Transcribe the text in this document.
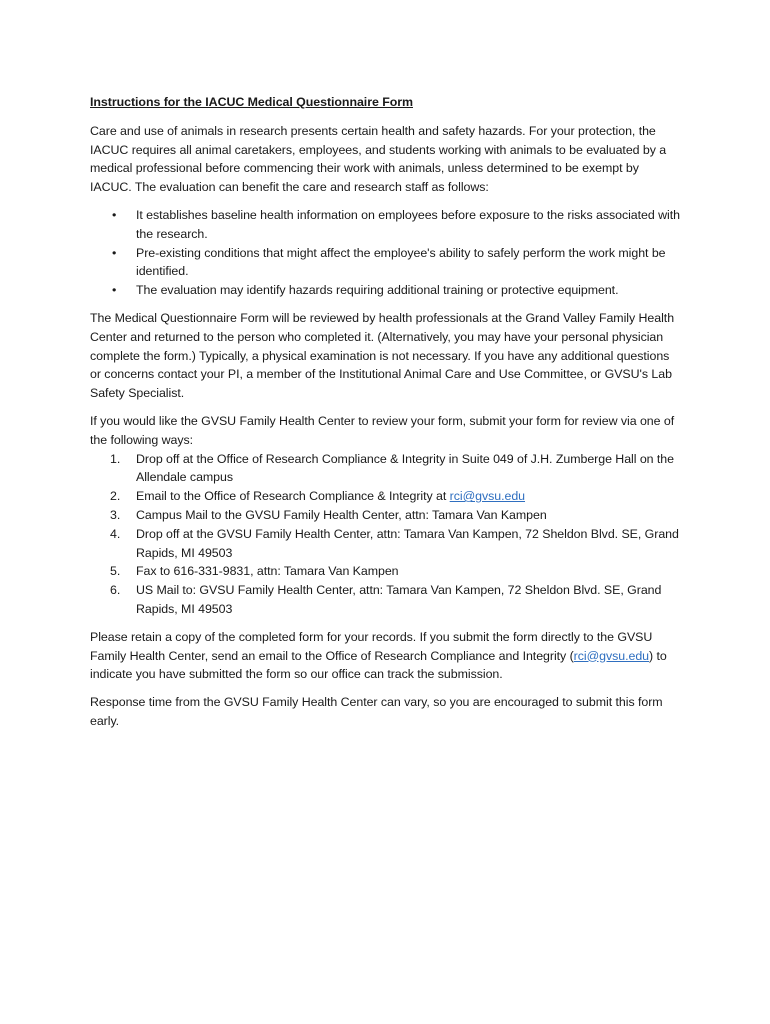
Instructions for the IACUC Medical Questionnaire Form

Care and use of animals in research presents certain health and safety hazards. For your protection, the IACUC requires all animal caretakers, employees, and students working with animals to be evaluated by a medical professional before commencing their work with animals, unless determined to be exempt by IACUC. The evaluation can benefit the care and research staff as follows:

• It establishes baseline health information on employees before exposure to the risks associated with the research.
• Pre-existing conditions that might affect the employee's ability to safely perform the work might be identified.
• The evaluation may identify hazards requiring additional training or protective equipment.

The Medical Questionnaire Form will be reviewed by health professionals at the Grand Valley Family Health Center and returned to the person who completed it. (Alternatively, you may have your personal physician complete the form.) Typically, a physical examination is not necessary. If you have any additional questions or concerns contact your PI, a member of the Institutional Animal Care and Use Committee, or GVSU's Lab Safety Specialist.

If you would like the GVSU Family Health Center to review your form, submit your form for review via one of the following ways:
1. Drop off at the Office of Research Compliance & Integrity in Suite 049 of J.H. Zumberge Hall on the Allendale campus
2. Email to the Office of Research Compliance & Integrity at rci@gvsu.edu
3. Campus Mail to the GVSU Family Health Center, attn: Tamara Van Kampen
4. Drop off at the GVSU Family Health Center, attn: Tamara Van Kampen, 72 Sheldon Blvd. SE, Grand Rapids, MI 49503
5. Fax to 616-331-9831, attn: Tamara Van Kampen
6. US Mail to: GVSU Family Health Center, attn: Tamara Van Kampen, 72 Sheldon Blvd. SE, Grand Rapids, MI 49503

Please retain a copy of the completed form for your records. If you submit the form directly to the GVSU Family Health Center, send an email to the Office of Research Compliance and Integrity (rci@gvsu.edu) to indicate you have submitted the form so our office can track the submission.

Response time from the GVSU Family Health Center can vary, so you are encouraged to submit this form early.
